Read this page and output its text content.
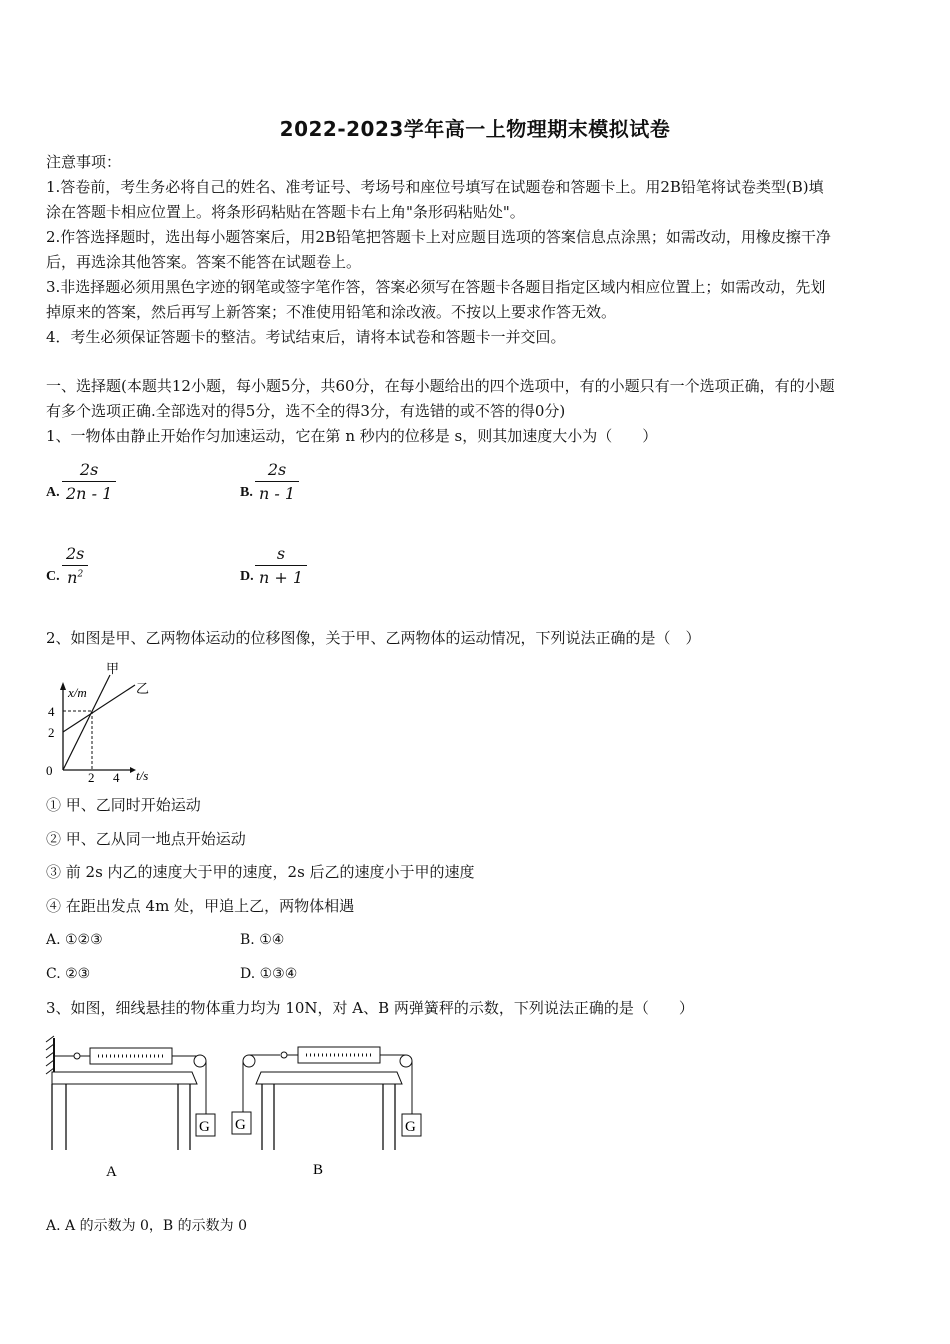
2022-2023学年高一上物理期末模拟试卷
注意事项：
1.答卷前，考生务必将自己的姓名、准考证号、考场号和座位号填写在试题卷和答题卡上。用2B铅笔将试卷类型(B)填
涂在答题卡相应位置上。将条形码粘贴在答题卡右上角"条形码粘贴处"。
2.作答选择题时，选出每小题答案后，用2B铅笔把答题卡上对应题目选项的答案信息点涂黑；如需改动，用橡皮擦干净
后，再选涂其他答案。答案不能答在试题卷上。
3.非选择题必须用黑色字迹的钢笔或签字笔作答，答案必须写在答题卡各题目指定区域内相应位置上；如需改动，先划
掉原来的答案，然后再写上新答案；不准使用铅笔和涂改液。不按以上要求作答无效。
4．考生必须保证答题卡的整洁。考试结束后，请将本试卷和答题卡一并交回。
一、选择题(本题共12小题，每小题5分，共60分，在每小题给出的四个选项中，有的小题只有一个选项正确，有的小题
有多个选项正确.全部选对的得5分，选不全的得3分，有选错的或不答的得0分)
1、一物体由静止开始作匀加速运动，它在第 n 秒内的位移是 s，则其加速度大小为（　　）
A.
2s
2n - 1	B.
2s
n - 1
C.
2s
$n^2$	D.
s
n + 1
2、如图是甲、乙两物体运动的位移图像，关于甲、乙两物体的运动情况，下列说法正确的是（　）
x/m
t/s
甲
乙
4
2
0	2 4
① 甲、乙同时开始运动
② 甲、乙从同一地点开始运动
③ 前 2s 内乙的速度大于甲的速度，2s 后乙的速度小于甲的速度
④ 在距出发点 4m 处，甲追上乙，两物体相遇
A. ①②③	B. ①④
C. ②③	D. ①③④
3、如图，细线悬挂的物体重力均为 10N，对 A、B 两弹簧秤的示数，下列说法正确的是（　　）
G
A
G	G
B
A. A 的示数为 0，B 的示数为 0
